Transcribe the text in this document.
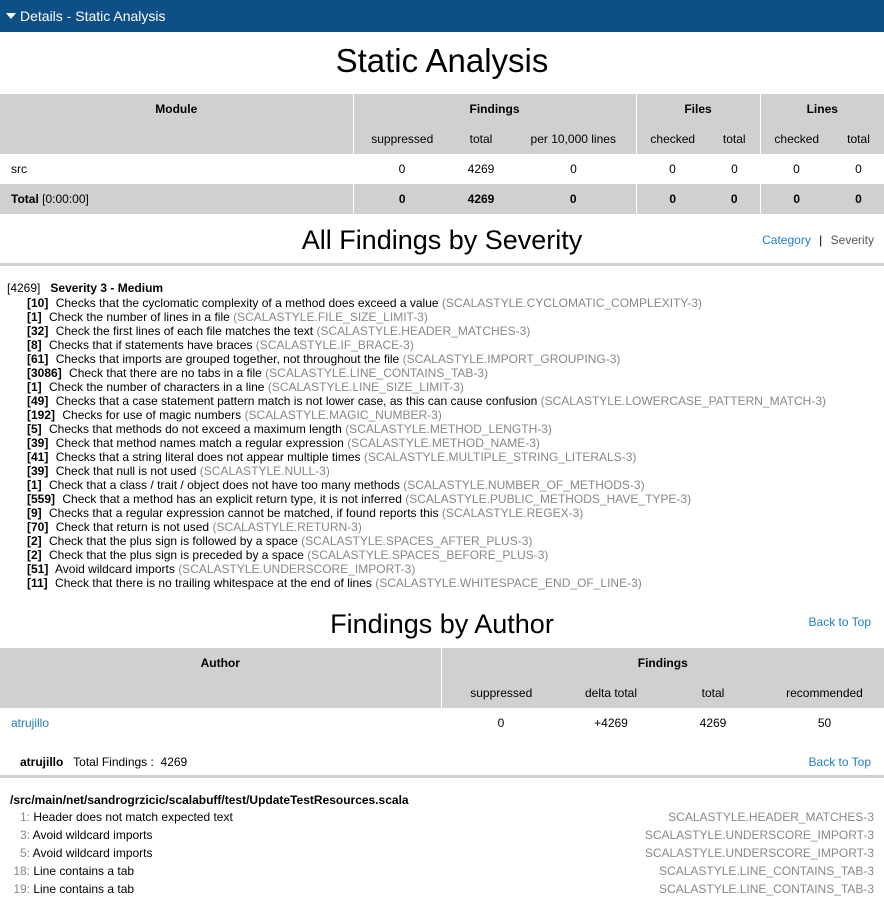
Details - Static Analysis
Static Analysis
Module	Findings			Files		Lines	
	suppressed	total	per 10,000 lines	checked	total	checked	total
src	0	4269	0	0	0	0	0
Total [0:00:00]	0	4269	0	0	0	0	0
All Findings by Severity	Category | Severity
[4269] Severity 3 - Medium
[10] Checks that the cyclomatic complexity of a method does exceed a value (SCALASTYLE.CYCLOMATIC_COMPLEXITY-3)
[1] Check the number of lines in a file (SCALASTYLE.FILE_SIZE_LIMIT-3)
[32] Check the first lines of each file matches the text (SCALASTYLE.HEADER_MATCHES-3)
[8] Checks that if statements have braces (SCALASTYLE.IF_BRACE-3)
[61] Checks that imports are grouped together, not throughout the file (SCALASTYLE.IMPORT_GROUPING-3)
[3086] Check that there are no tabs in a file (SCALASTYLE.LINE_CONTAINS_TAB-3)
[1] Check the number of characters in a line (SCALASTYLE.LINE_SIZE_LIMIT-3)
[49] Checks that a case statement pattern match is not lower case, as this can cause confusion (SCALASTYLE.LOWERCASE_PATTERN_MATCH-3)
[192] Checks for use of magic numbers (SCALASTYLE.MAGIC_NUMBER-3)
[5] Checks that methods do not exceed a maximum length (SCALASTYLE.METHOD_LENGTH-3)
[39] Check that method names match a regular expression (SCALASTYLE.METHOD_NAME-3)
[41] Checks that a string literal does not appear multiple times (SCALASTYLE.MULTIPLE_STRING_LITERALS-3)
[39] Check that null is not used (SCALASTYLE.NULL-3)
[1] Check that a class / trait / object does not have too many methods (SCALASTYLE.NUMBER_OF_METHODS-3)
[559] Check that a method has an explicit return type, it is not inferred (SCALASTYLE.PUBLIC_METHODS_HAVE_TYPE-3)
[9] Checks that a regular expression cannot be matched, if found reports this (SCALASTYLE.REGEX-3)
[70] Check that return is not used (SCALASTYLE.RETURN-3)
[2] Check that the plus sign is followed by a space (SCALASTYLE.SPACES_AFTER_PLUS-3)
[2] Check that the plus sign is preceded by a space (SCALASTYLE.SPACES_BEFORE_PLUS-3)
[51] Avoid wildcard imports (SCALASTYLE.UNDERSCORE_IMPORT-3)
[11] Check that there is no trailing whitespace at the end of lines (SCALASTYLE.WHITESPACE_END_OF_LINE-3)
Findings by Author	Back to Top
Author	Findings			
	suppressed	delta total	total	recommended
atrujillo	0	+4269	4269	50
atrujillo Total Findings : 4269	Back to Top
/src/main/net/sandrogrzicic/scalabuff/test/UpdateTestResources.scala
1: Header does not match expected text	SCALASTYLE.HEADER_MATCHES-3
3: Avoid wildcard imports	SCALASTYLE.UNDERSCORE_IMPORT-3
5: Avoid wildcard imports	SCALASTYLE.UNDERSCORE_IMPORT-3
18: Line contains a tab	SCALASTYLE.LINE_CONTAINS_TAB-3
19: Line contains a tab	SCALASTYLE.LINE_CONTAINS_TAB-3
